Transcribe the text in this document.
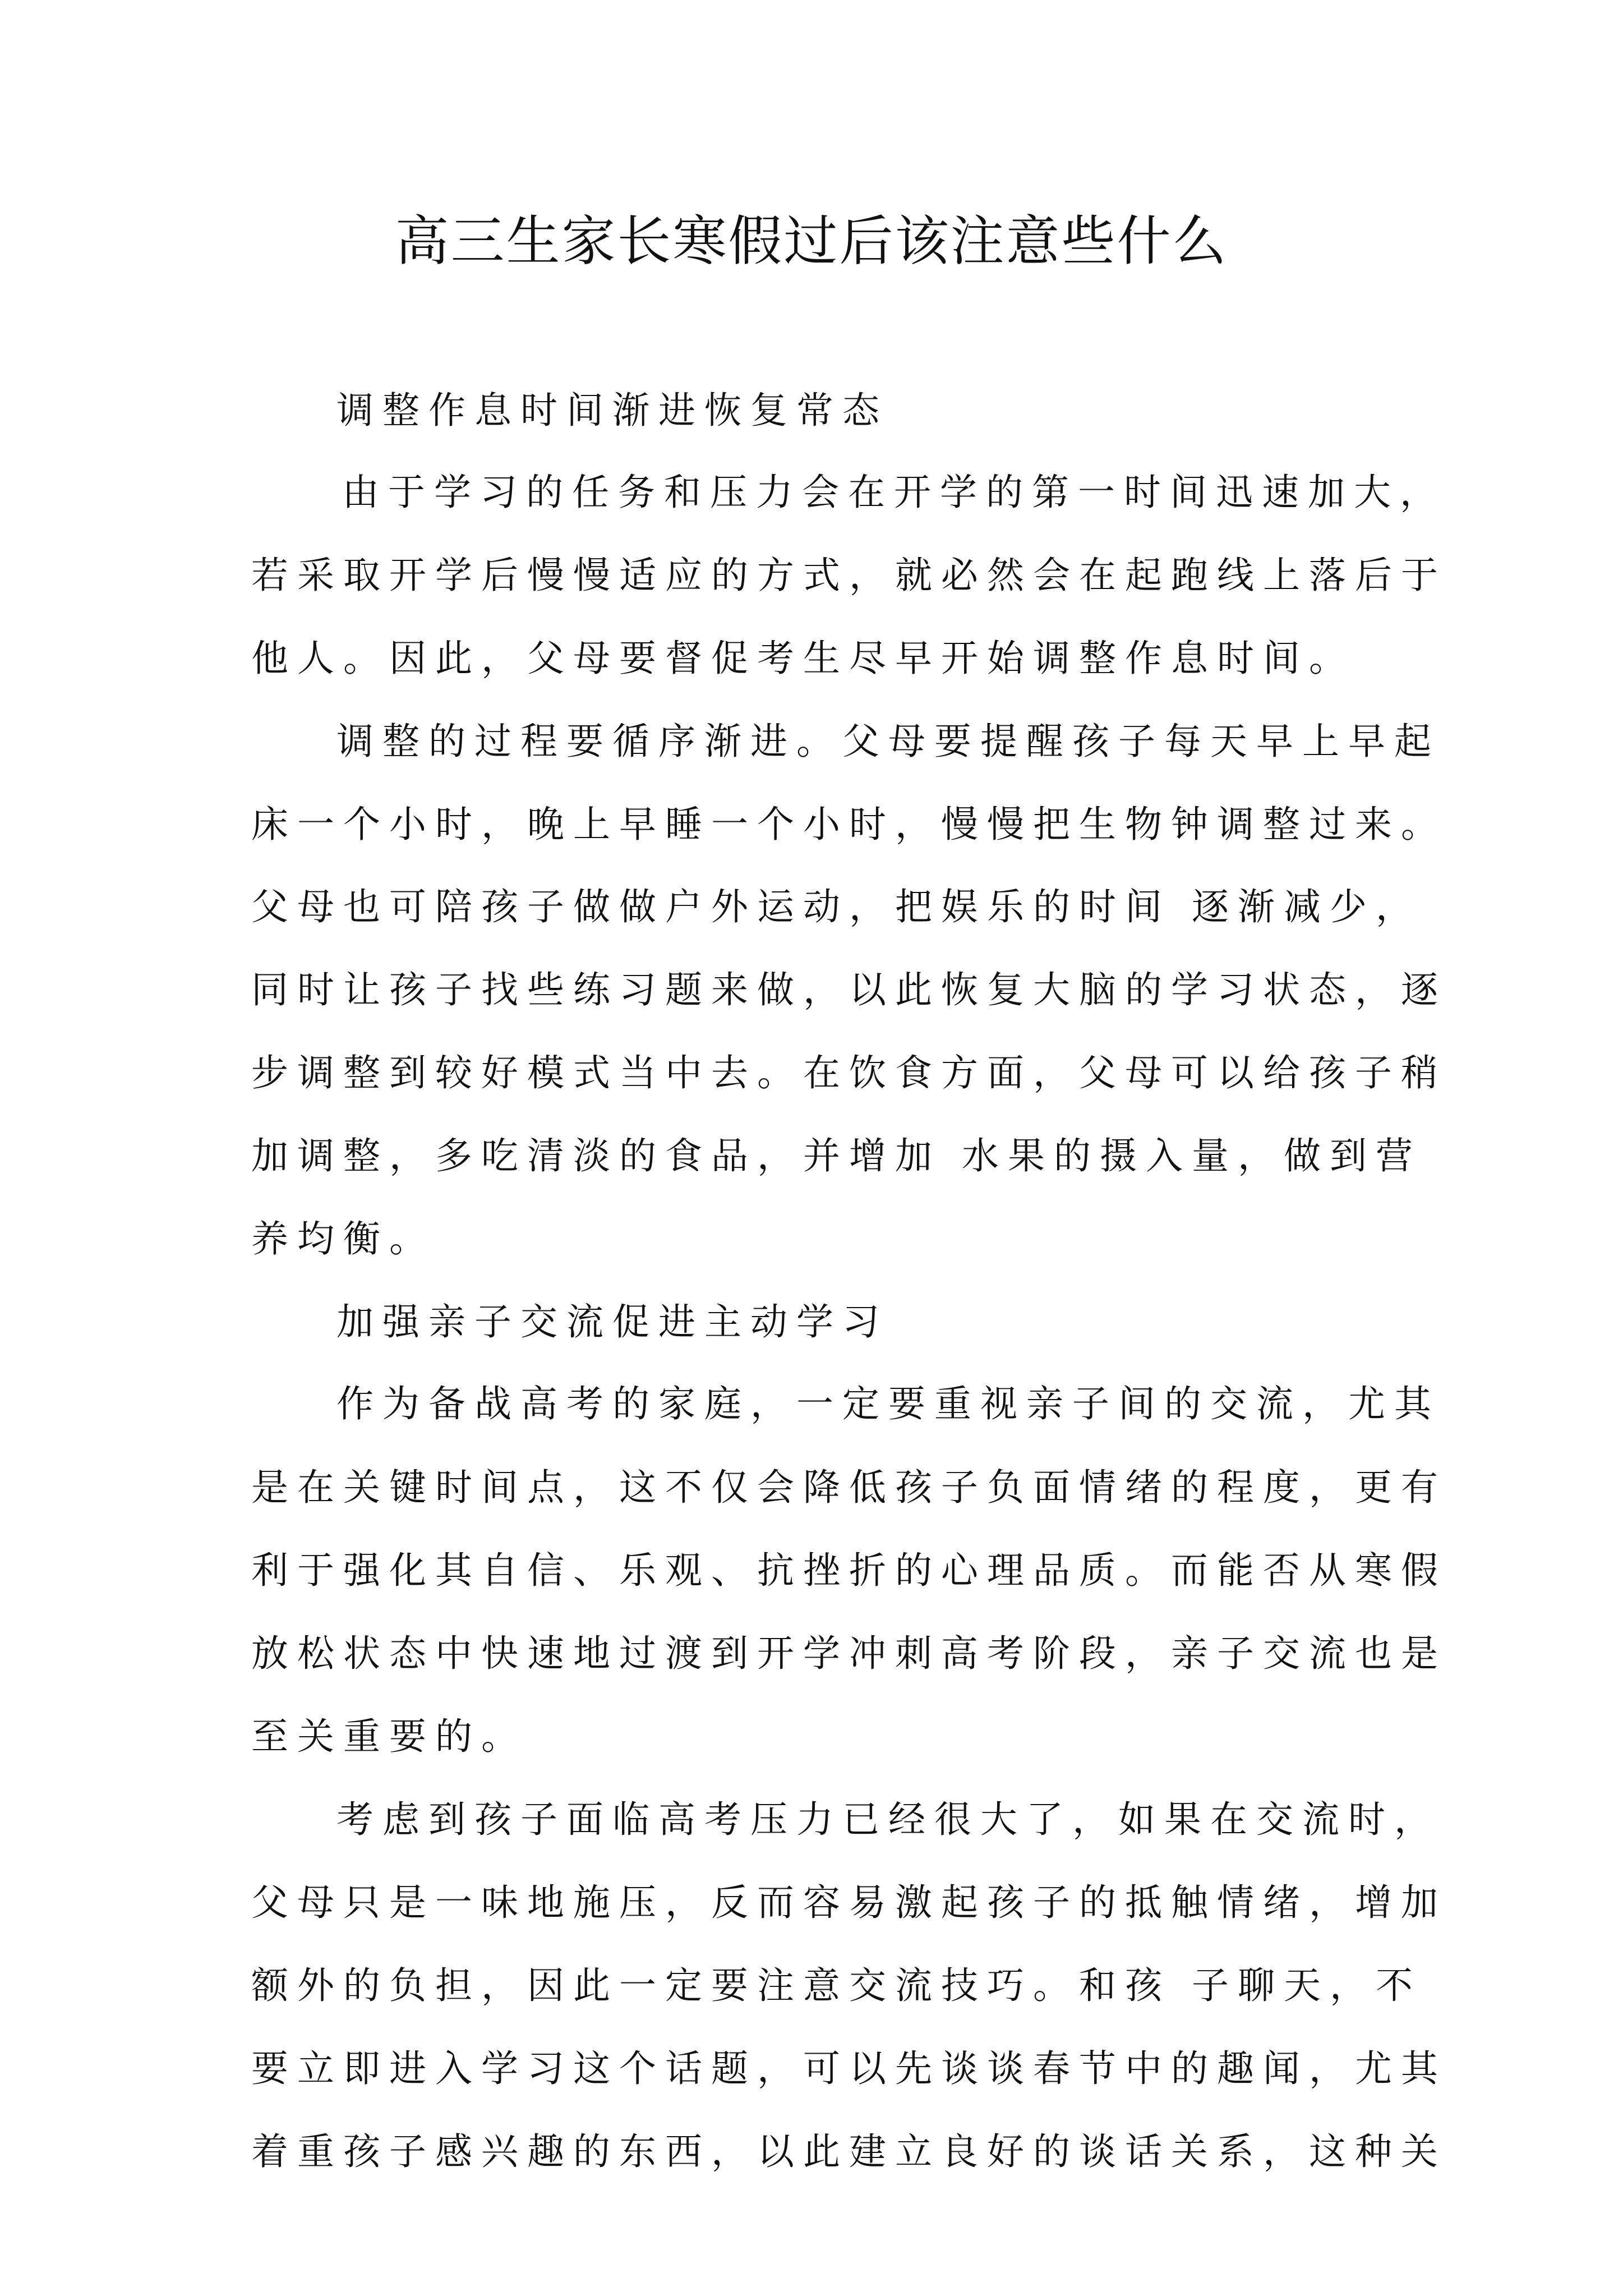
高三生家长寒假过后该注意些什么

调整作息时间渐进恢复常态

由于学习的任务和压力会在开学的第一时间迅速加大，

若采取开学后慢慢适应的方式，就必然会在起跑线上落后于

他人。因此，父母要督促考生尽早开始调整作息时间。

调整的过程要循序渐进。父母要提醒孩子每天早上早起

床一个小时，晚上早睡一个小时，慢慢把生物钟调整过来。

父母也可陪孩子做做户外运动，把娱乐的时间 逐渐减少，

同时让孩子找些练习题来做，以此恢复大脑的学习状态，逐

步调整到较好模式当中去。在饮食方面，父母可以给孩子稍

加调整，多吃清淡的食品，并增加 水果的摄入量，做到营

养均衡。

加强亲子交流促进主动学习

作为备战高考的家庭，一定要重视亲子间的交流，尤其

是在关键时间点，这不仅会降低孩子负面情绪的程度，更有

利于强化其自信、乐观、抗挫折的心理品质。而能否从寒假

放松状态中快速地过渡到开学冲刺高考阶段，亲子交流也是

至关重要的。

考虑到孩子面临高考压力已经很大了，如果在交流时，

父母只是一味地施压，反而容易激起孩子的抵触情绪，增加

额外的负担，因此一定要注意交流技巧。和孩 子聊天，不

要立即进入学习这个话题，可以先谈谈春节中的趣闻，尤其

着重孩子感兴趣的东西，以此建立良好的谈话关系，这种关
